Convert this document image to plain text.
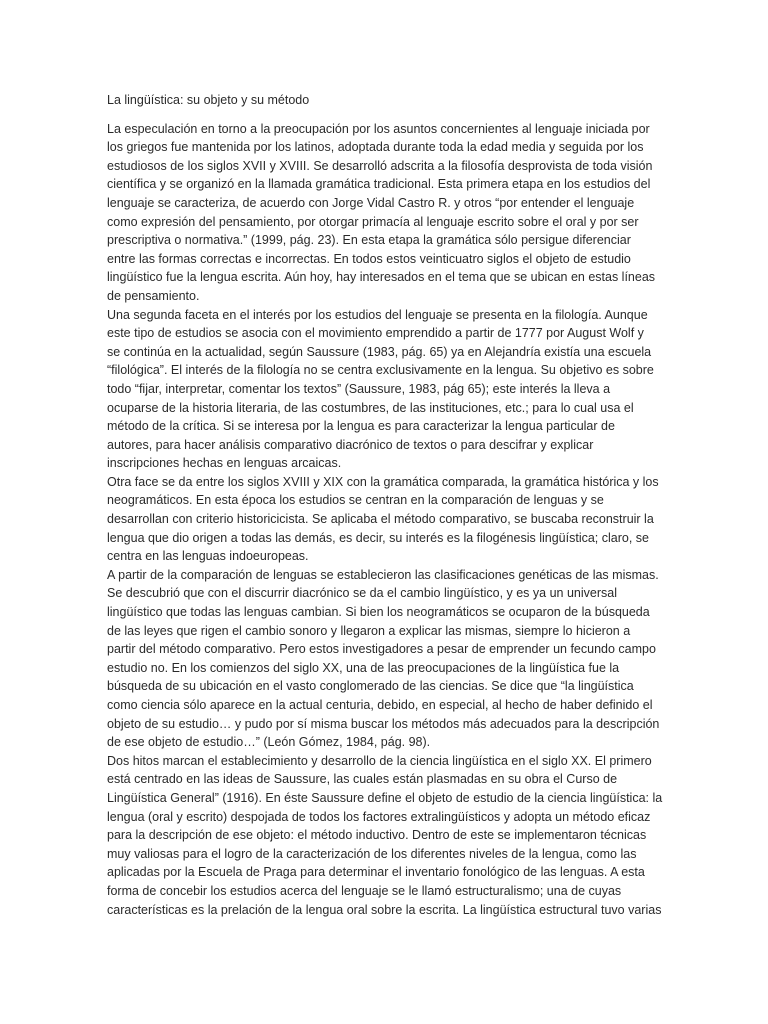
La lingüística: su objeto y su método
La especulación en torno a la preocupación por los asuntos concernientes al lenguaje iniciada por
los griegos fue mantenida por los latinos, adoptada durante toda la edad media y seguida por los
estudiosos de los siglos XVII y XVIII. Se desarrolló adscrita a la filosofía desprovista de toda visión
científica y se organizó en la llamada gramática tradicional. Esta primera etapa en los estudios del
lenguaje se caracteriza, de acuerdo con Jorge Vidal Castro R. y otros “por entender el lenguaje
como expresión del pensamiento, por otorgar primacía al lenguaje escrito sobre el oral y por ser
prescriptiva o normativa.” (1999, pág. 23). En esta etapa la gramática sólo persigue diferenciar
entre las formas correctas e incorrectas. En todos estos veinticuatro siglos el objeto de estudio
lingüístico fue la lengua escrita. Aún hoy, hay interesados en el tema que se ubican en estas líneas
de pensamiento.
Una segunda faceta en el interés por los estudios del lenguaje se presenta en la filología. Aunque
este tipo de estudios se asocia con el movimiento emprendido a partir de 1777 por August Wolf y
se continúa en la actualidad, según Saussure (1983, pág. 65) ya en Alejandría existía una escuela
“filológica”. El interés de la filología no se centra exclusivamente en la lengua. Su objetivo es sobre
todo “fijar, interpretar, comentar los textos” (Saussure, 1983, pág 65); este interés la lleva a
ocuparse de la historia literaria, de las costumbres, de las instituciones, etc.; para lo cual usa el
método de la crítica. Si se interesa por la lengua es para caracterizar la lengua particular de
autores, para hacer análisis comparativo diacrónico de textos o para descifrar y explicar
inscripciones hechas en lenguas arcaicas.
Otra face se da entre los siglos XVIII y XIX con la gramática comparada, la gramática histórica y los
neogramáticos. En esta época los estudios se centran en la comparación de lenguas y se
desarrollan con criterio historicicista. Se aplicaba el método comparativo, se buscaba reconstruir la
lengua que dio origen a todas las demás, es decir, su interés es la filogénesis lingüística; claro, se
centra en las lenguas indoeuropeas.
A partir de la comparación de lenguas se establecieron las clasificaciones genéticas de las mismas.
Se descubrió que con el discurrir diacrónico se da el cambio lingüístico, y es ya un universal
lingüístico que todas las lenguas cambian. Si bien los neogramáticos se ocuparon de la búsqueda
de las leyes que rigen el cambio sonoro y llegaron a explicar las mismas, siempre lo hicieron a
partir del método comparativo. Pero estos investigadores a pesar de emprender un fecundo campo
estudio no. En los comienzos del siglo XX, una de las preocupaciones de la lingüística fue la
búsqueda de su ubicación en el vasto conglomerado de las ciencias. Se dice que “la lingüística
como ciencia sólo aparece en la actual centuria, debido, en especial, al hecho de haber definido el
objeto de su estudio… y pudo por sí misma buscar los métodos más adecuados para la descripción
de ese objeto de estudio…” (León Gómez, 1984, pág. 98).
Dos hitos marcan el establecimiento y desarrollo de la ciencia lingüística en el siglo XX. El primero
está centrado en las ideas de Saussure, las cuales están plasmadas en su obra el Curso de
Lingüística General” (1916). En éste Saussure define el objeto de estudio de la ciencia lingüística: la
lengua (oral y escrito) despojada de todos los factores extralingüísticos y adopta un método eficaz
para la descripción de ese objeto: el método inductivo. Dentro de este se implementaron técnicas
muy valiosas para el logro de la caracterización de los diferentes niveles de la lengua, como las
aplicadas por la Escuela de Praga para determinar el inventario fonológico de las lenguas. A esta
forma de concebir los estudios acerca del lenguaje se le llamó estructuralismo; una de cuyas
características es la prelación de la lengua oral sobre la escrita. La lingüística estructural tuvo varias
